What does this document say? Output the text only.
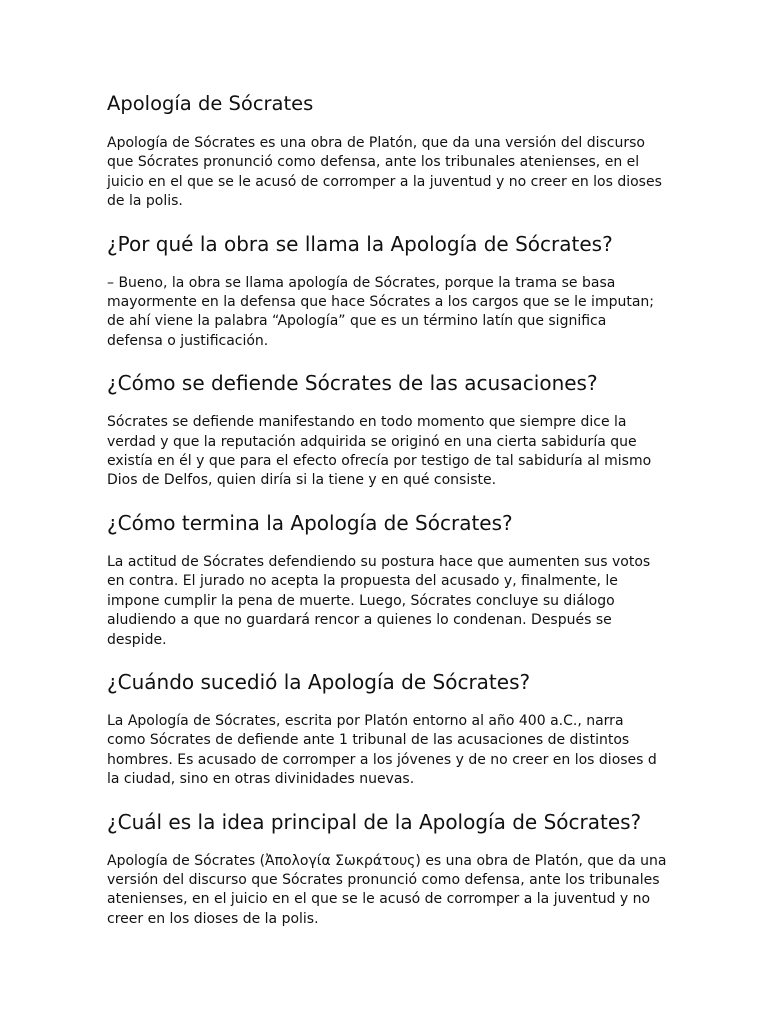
Apología de Sócrates

Apología de Sócrates es una obra de Platón, que da una versión del discurso
que Sócrates pronunció como defensa, ante los tribunales atenienses, en el
juicio en el que se le acusó de corromper a la juventud y no creer en los dioses
de la polis.

¿Por qué la obra se llama la Apología de Sócrates?

– Bueno, la obra se llama apología de Sócrates, porque la trama se basa
mayormente en la defensa que hace Sócrates a los cargos que se le imputan;
de ahí viene la palabra “Apología” que es un término latín que significa
defensa o justificación.

¿Cómo se defiende Sócrates de las acusaciones?

Sócrates se defiende manifestando en todo momento que siempre dice la
verdad y que la reputación adquirida se originó en una cierta sabiduría que
existía en él y que para el efecto ofrecía por testigo de tal sabiduría al mismo
Dios de Delfos, quien diría si la tiene y en qué consiste.

¿Cómo termina la Apología de Sócrates?

La actitud de Sócrates defendiendo su postura hace que aumenten sus votos
en contra. El jurado no acepta la propuesta del acusado y, finalmente, le
impone cumplir la pena de muerte. Luego, Sócrates concluye su diálogo
aludiendo a que no guardará rencor a quienes lo condenan. Después se
despide.

¿Cuándo sucedió la Apología de Sócrates?

La Apología de Sócrates, escrita por Platón entorno al año 400 a.C., narra
como Sócrates de defiende ante 1 tribunal de las acusaciones de distintos
hombres. Es acusado de corromper a los jóvenes y de no creer en los dioses d
la ciudad, sino en otras divinidades nuevas.

¿Cuál es la idea principal de la Apología de Sócrates?

Apología de Sócrates (Ἀπολογία Σωκράτους) es una obra de Platón, que da una
versión del discurso que Sócrates pronunció como defensa, ante los tribunales
atenienses, en el juicio en el que se le acusó de corromper a la juventud y no
creer en los dioses de la polis.
